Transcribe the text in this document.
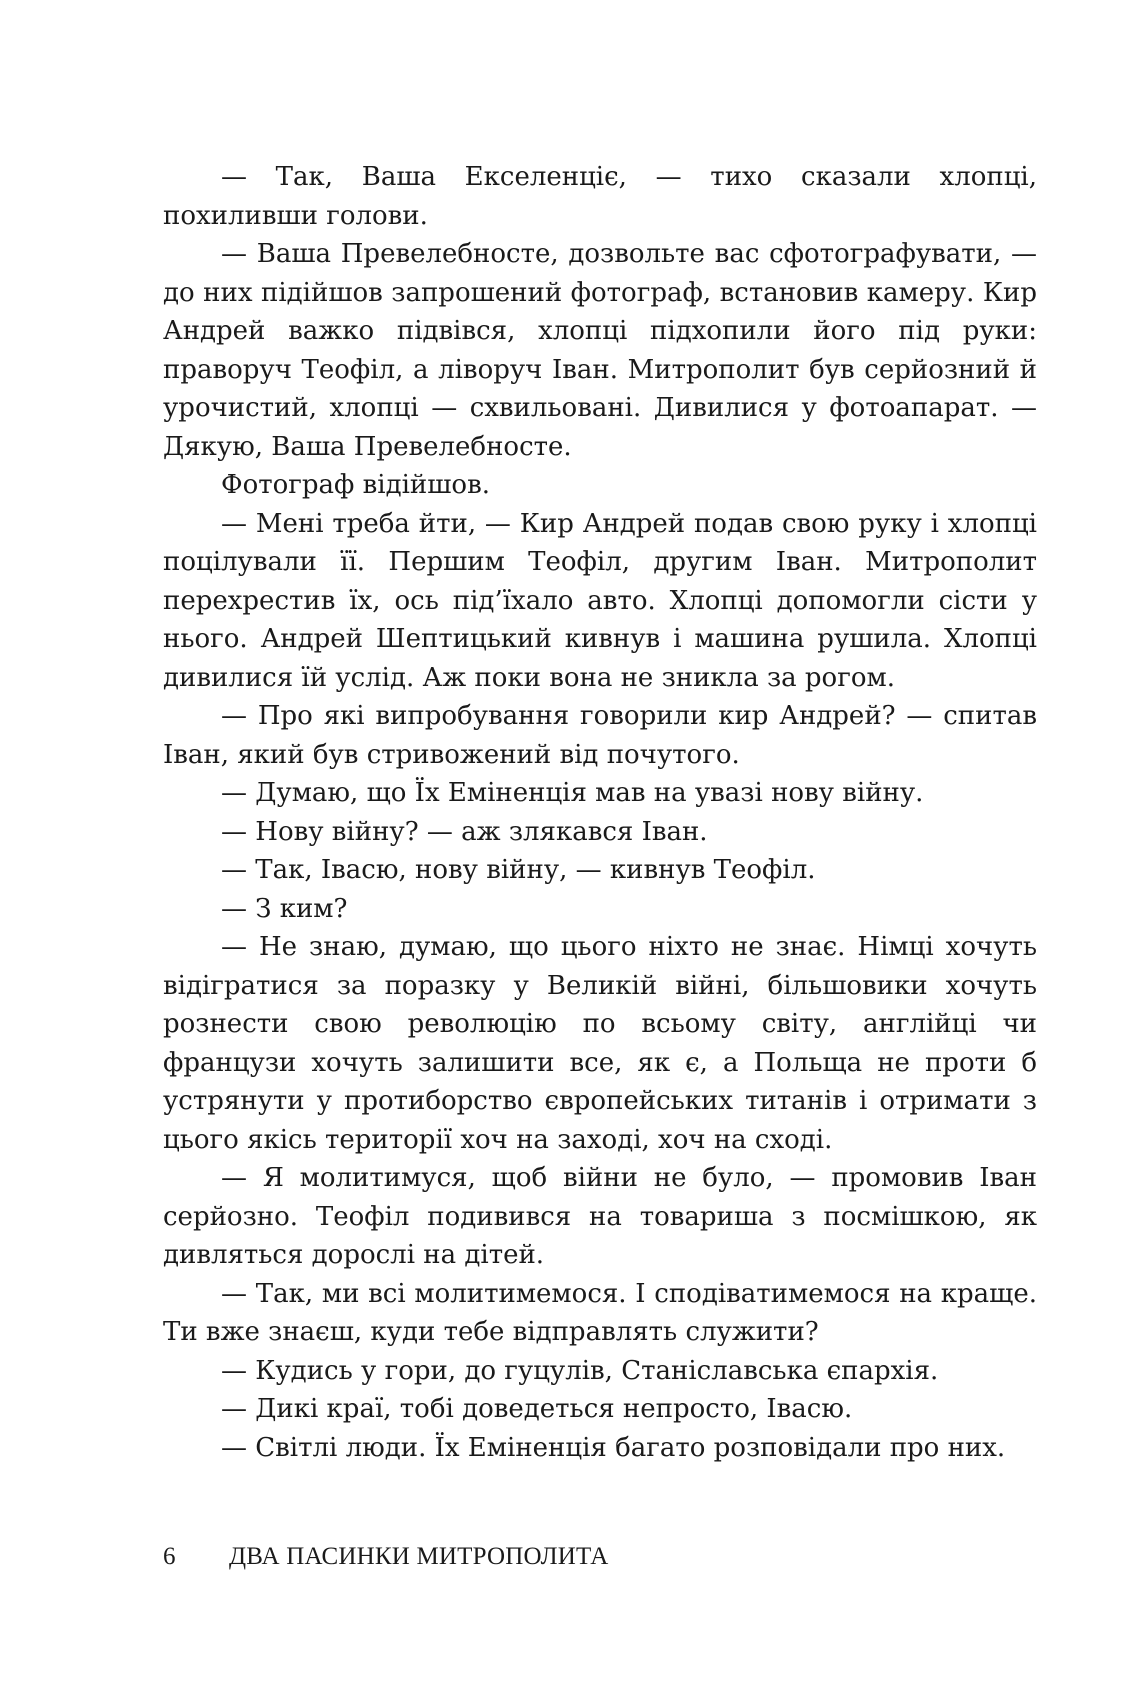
— Так, Ваша Екселенціє, — тихо сказали хлопці, похиливши голови.

— Ваша Превелебносте, дозвольте вас сфотографувати, — до них підійшов запрошений фотограф, встановив камеру. Кир Андрей важко підвівся, хлопці підхопили його під руки: праворуч Теофіл, а ліворуч Іван. Митрополит був серйозний й урочистий, хлопці — схвильовані. Дивилися у фотоапарат. — Дякую, Ваша Превелебносте.

Фотограф відійшов.

— Мені треба йти, — Кир Андрей подав свою руку і хлопці поцілували її. Першим Теофіл, другим Іван. Митрополит перехрестив їх, ось під’їхало авто. Хлопці допомогли сісти у нього. Андрей Шептицький кивнув і машина рушила. Хлопці дивилися їй услід. Аж поки вона не зникла за рогом.

— Про які випробування говорили кир Андрей? — спитав Іван, який був стривожений від почутого.

— Думаю, що Їх Еміненція мав на увазі нову війну.

— Нову війну? — аж злякався Іван.

— Так, Івасю, нову війну, — кивнув Теофіл.

— З ким?

— Не знаю, думаю, що цього ніхто не знає. Німці хочуть відігратися за поразку у Великій війні, більшовики хочуть рознести свою революцію по всьому світу, англійці чи французи хочуть залишити все, як є, а Польща не проти б устрянути у протиборство європейських титанів і отримати з цього якісь території хоч на заході, хоч на сході.

— Я молитимуся, щоб війни не було, — промовив Іван серйозно. Теофіл подивився на товариша з посмішкою, як дивляться дорослі на дітей.

— Так, ми всі молитимемося. І сподіватимемося на краще. Ти вже знаєш, куди тебе відправлять служити?

— Кудись у гори, до гуцулів, Станіславська єпархія.

— Дикі краї, тобі доведеться непросто, Івасю.

— Світлі люди. Їх Еміненція багато розповідали про них.

6 ДВА ПАСИНКИ МИТРОПОЛИТА
